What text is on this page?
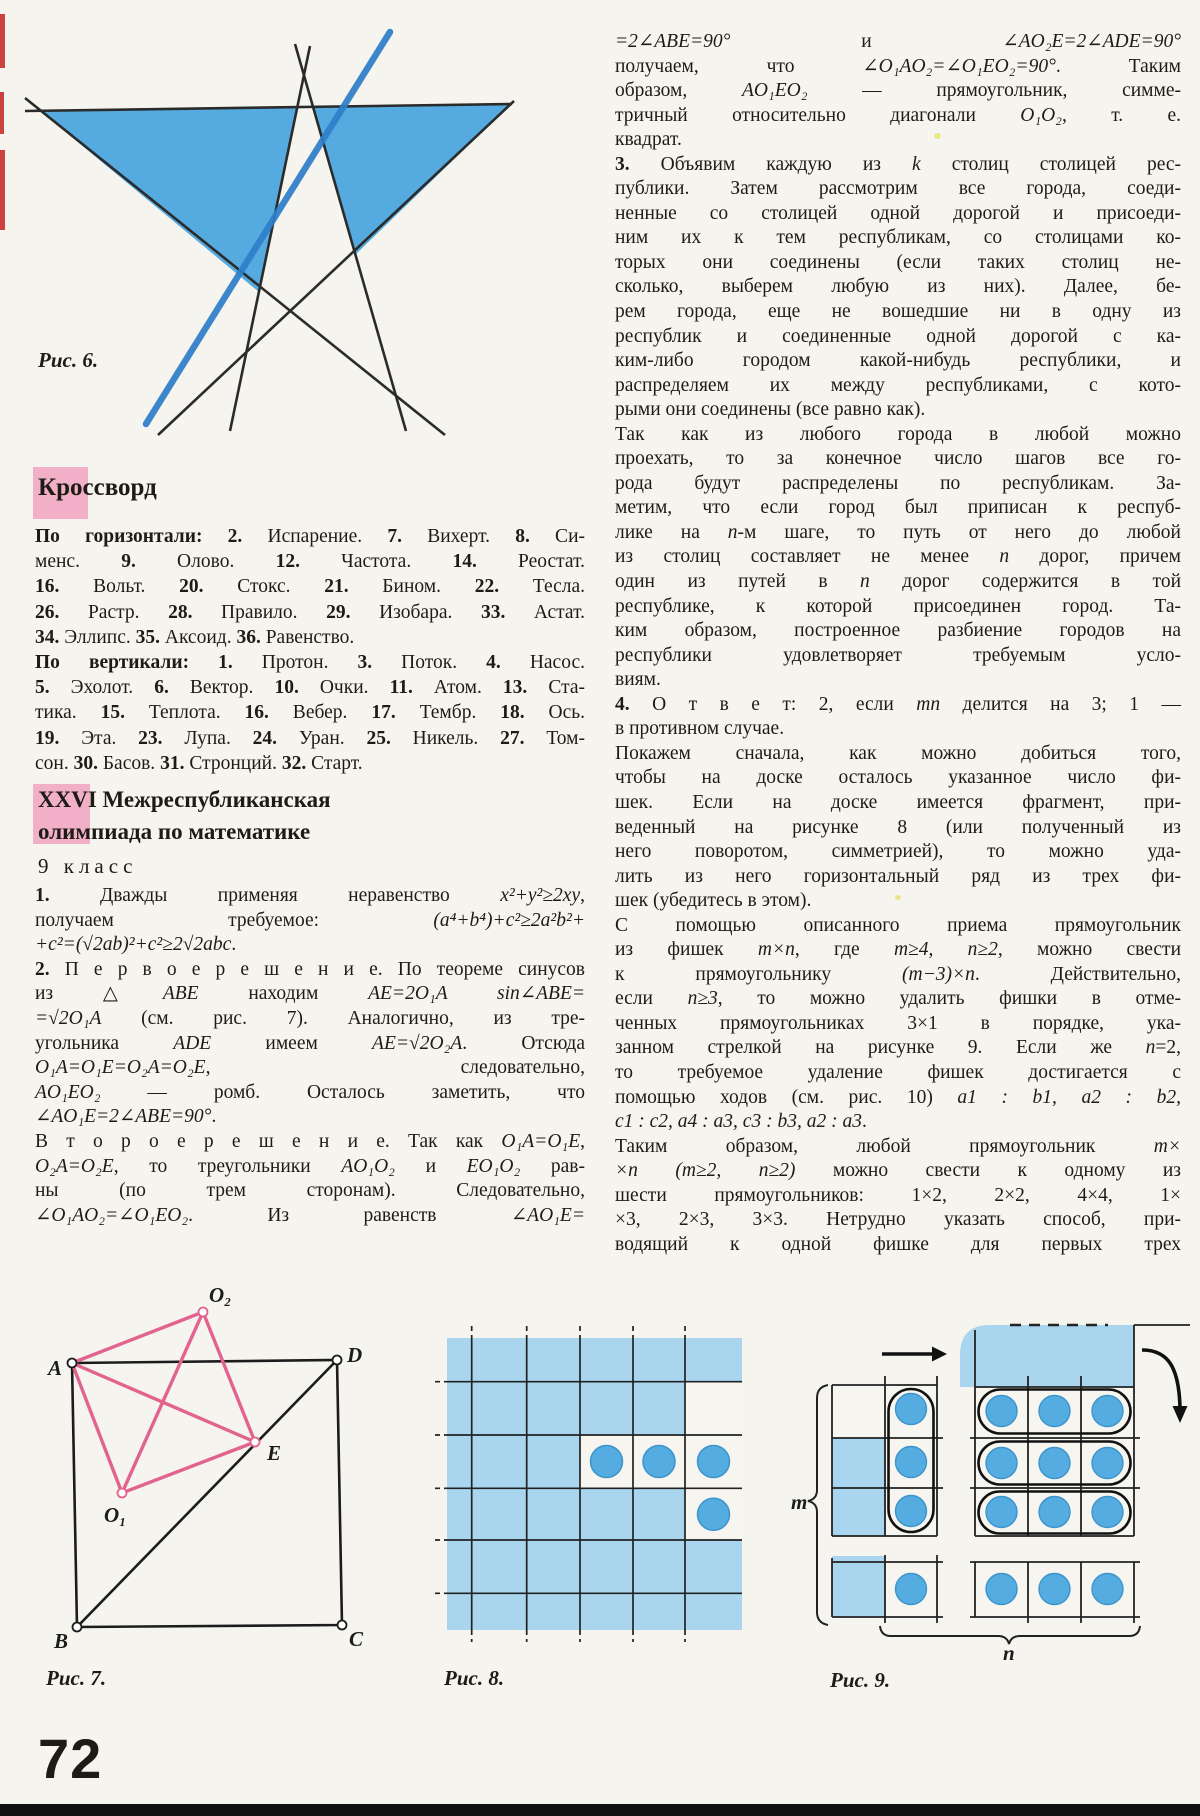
Рис. 6.
Кроссворд
По горизонтали: 2. Испарение. 7. Вихерт. 8. Си-
менс. 9. Олово. 12. Частота. 14. Реостат.
16. Вольт. 20. Стокс. 21. Бином. 22. Тесла.
26. Растр. 28. Правило. 29. Изобара. 33. Астат.
34. Эллипс. 35. Аксоид. 36. Равенство.
По вертикали: 1. Протон. 3. Поток. 4. Насос.
5. Эхолот. 6. Вектор. 10. Очки. 11. Атом. 13. Ста-
тика. 15. Теплота. 16. Вебер. 17. Тембр. 18. Ось.
19. Эта. 23. Лупа. 24. Уран. 25. Никель. 27. Том-
сон. 30. Басов. 31. Стронций. 32. Старт.
XXVI Межреспубликанская
олимпиада по математике
9 класс
1. Дважды применяя неравенство x²+y²≥2xy,
получаем требуемое: (a⁴+b⁴)+c²≥2a²b²+
+c²=(√2ab)²+c²≥2√2abc.
2. П е р в о е р е ш е н и е. По теореме синусов
из △ABE находим AE=2O₁A sin∠ABE=
=√2O₁A (см. рис. 7). Аналогично, из тре-
угольника ADE имеем AE=√2O₂A. Отсюда
O₁A=O₁E=O₂A=O₂E, следовательно,
AO₁EO₂ — ромб. Осталось заметить, что
∠AO₁E=2∠ABE=90°.
В т о р о е р е ш е н и е. Так как O₁A=O₁E,
O₂A=O₂E, то треугольники AO₁O₂ и EO₁O₂ рав-
ны (по трем сторонам). Следовательно,
∠O₁AO₂=∠O₁EO₂. Из равенств ∠AO₁E=
=2∠ABE=90° и ∠AO₂E=2∠ADE=90°
получаем, что ∠O₁AO₂=∠O₁EO₂=90°. Таким
образом, AO₁EO₂ — прямоугольник, симме-
тричный относительно диагонали O₁O₂, т. е.
квадрат.
3. Объявим каждую из k столиц столицей рес-
публики. Затем рассмотрим все города, соеди-
ненные со столицей одной дорогой и присоеди-
ним их к тем республикам, со столицами ко-
торых они соединены (если таких столиц не-
сколько, выберем любую из них). Далее, бе-
рем города, еще не вошедшие ни в одну из
республик и соединенные одной дорогой с ка-
ким-либо городом какой-нибудь республики, и
распределяем их между республиками, с кото-
рыми они соединены (все равно как).
Так как из любого города в любой можно
проехать, то за конечное число шагов все го-
рода будут распределены по республикам. За-
метим, что если город был приписан к респуб-
лике на n-м шаге, то путь от него до любой
из столиц составляет не менее n дорог, причем
один из путей в n дорог содержится в той
республике, к которой присоединен город. Та-
ким образом, построенное разбиение городов на
республики удовлетворяет требуемым усло-
виям.
4. О т в е т: 2, если mn делится на 3; 1 —
в противном случае.
Покажем сначала, как можно добиться того,
чтобы на доске осталось указанное число фи-
шек. Если на доске имеется фрагмент, при-
веденный на рисунке 8 (или полученный из
него поворотом, симметрией), то можно уда-
лить из него горизонтальный ряд из трех фи-
шек (убедитесь в этом).
С помощью описанного приема прямоугольник
из фишек m×n, где m≥4, n≥2, можно свести
к прямоугольнику (m−3)×n. Действительно,
если n≥3, то можно удалить фишки в отме-
ченных прямоугольниках 3×1 в порядке, ука-
занном стрелкой на рисунке 9. Если же n=2,
то требуемое удаление фишек достигается с
помощью ходов (см. рис. 10) a1 : b1, a2 : b2,
c1 : c2, a4 : a3, c3 : b3, a2 : a3.
Таким образом, любой прямоугольник m×
×n (m≥2, n≥2) можно свести к одному из
шести прямоугольников: 1×2, 2×2, 4×4, 1×
×3, 2×3, 3×3. Нетрудно указать способ, при-
водящий к одной фишке для первых трех
A
D
B	C
E
O₂
O₁
Рис. 7.	Рис. 8.
m
n
Рис. 9.
72
